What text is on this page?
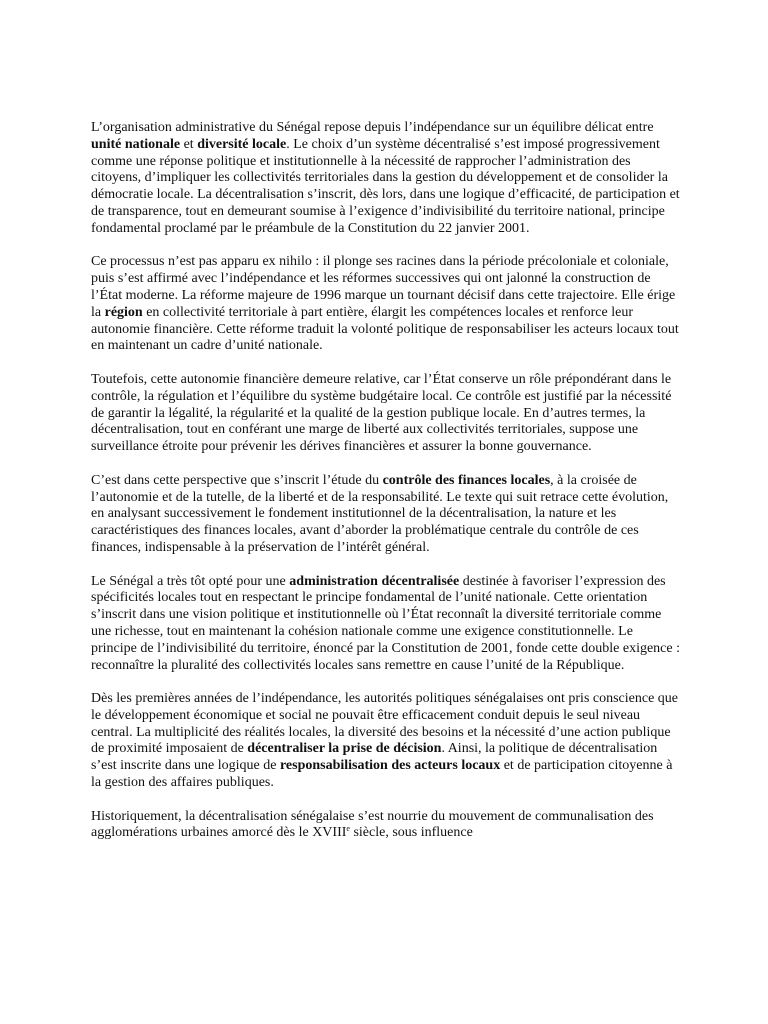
L’organisation administrative du Sénégal repose depuis l’indépendance sur un équilibre délicat entre unité nationale et diversité locale. Le choix d’un système décentralisé s’est imposé progressivement comme une réponse politique et institutionnelle à la nécessité de rapprocher l’administration des citoyens, d’impliquer les collectivités territoriales dans la gestion du développement et de consolider la démocratie locale. La décentralisation s’inscrit, dès lors, dans une logique d’efficacité, de participation et de transparence, tout en demeurant soumise à l’exigence d’indivisibilité du territoire national, principe fondamental proclamé par le préambule de la Constitution du 22 janvier 2001.

Ce processus n’est pas apparu ex nihilo : il plonge ses racines dans la période précoloniale et coloniale, puis s’est affirmé avec l’indépendance et les réformes successives qui ont jalonné la construction de l’État moderne. La réforme majeure de 1996 marque un tournant décisif dans cette trajectoire. Elle érige la région en collectivité territoriale à part entière, élargit les compétences locales et renforce leur autonomie financière. Cette réforme traduit la volonté politique de responsabiliser les acteurs locaux tout en maintenant un cadre d’unité nationale.

Toutefois, cette autonomie financière demeure relative, car l’État conserve un rôle prépondérant dans le contrôle, la régulation et l’équilibre du système budgétaire local. Ce contrôle est justifié par la nécessité de garantir la légalité, la régularité et la qualité de la gestion publique locale. En d’autres termes, la décentralisation, tout en conférant une marge de liberté aux collectivités territoriales, suppose une surveillance étroite pour prévenir les dérives financières et assurer la bonne gouvernance.

C’est dans cette perspective que s’inscrit l’étude du contrôle des finances locales, à la croisée de l’autonomie et de la tutelle, de la liberté et de la responsabilité. Le texte qui suit retrace cette évolution, en analysant successivement le fondement institutionnel de la décentralisation, la nature et les caractéristiques des finances locales, avant d’aborder la problématique centrale du contrôle de ces finances, indispensable à la préservation de l’intérêt général.

Le Sénégal a très tôt opté pour une administration décentralisée destinée à favoriser l’expression des spécificités locales tout en respectant le principe fondamental de l’unité nationale. Cette orientation s’inscrit dans une vision politique et institutionnelle où l’État reconnaît la diversité territoriale comme une richesse, tout en maintenant la cohésion nationale comme une exigence constitutionnelle. Le principe de l’indivisibilité du territoire, énoncé par la Constitution de 2001, fonde cette double exigence : reconnaître la pluralité des collectivités locales sans remettre en cause l’unité de la République.

Dès les premières années de l’indépendance, les autorités politiques sénégalaises ont pris conscience que le développement économique et social ne pouvait être efficacement conduit depuis le seul niveau central. La multiplicité des réalités locales, la diversité des besoins et la nécessité d’une action publique de proximité imposaient de décentraliser la prise de décision. Ainsi, la politique de décentralisation s’est inscrite dans une logique de responsabilisation des acteurs locaux et de participation citoyenne à la gestion des affaires publiques.

Historiquement, la décentralisation sénégalaise s’est nourrie du mouvement de communalisation des agglomérations urbaines amorcé dès le XVIIIe siècle, sous influence
